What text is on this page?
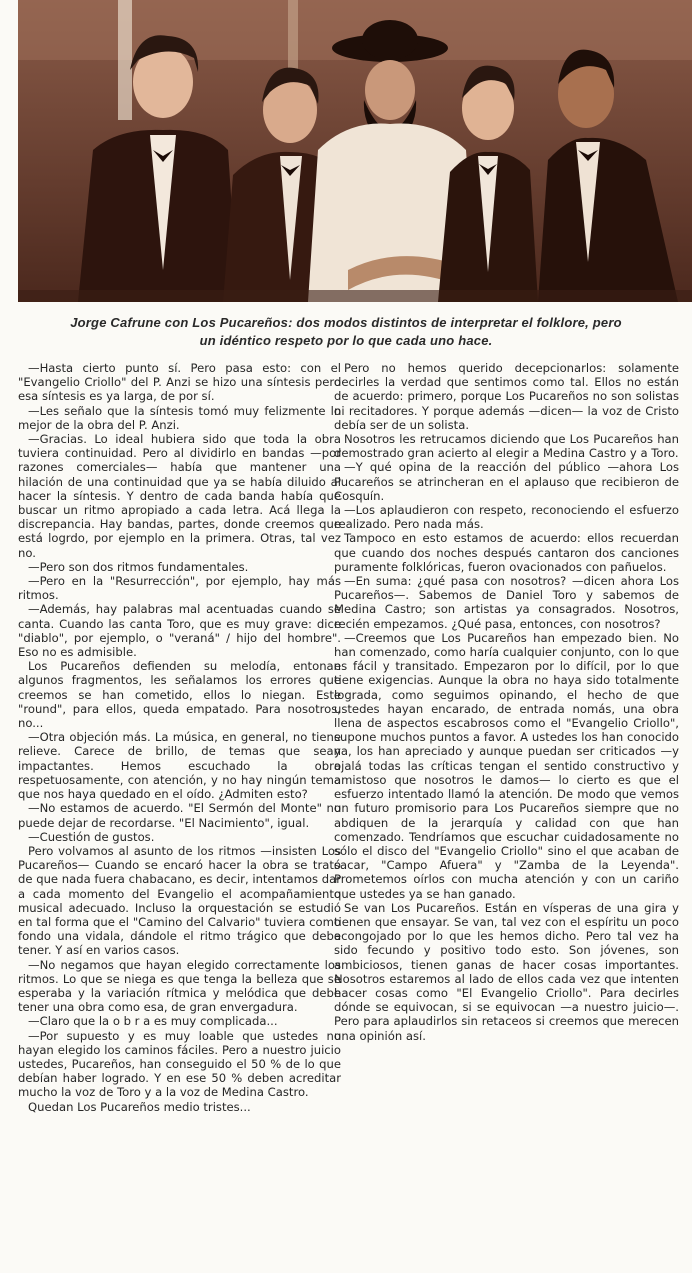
Jorge Cafrune con Los Pucareños: dos modos distintos de interpretar el folklore, pero
un idéntico respeto por lo que cada uno hace.

—Hasta cierto punto sí. Pero pasa esto: con el "Evangelio Criollo" del P. Anzi se hizo una síntesis pero esa síntesis es ya larga, de por sí.

—Les señalo que la síntesis tomó muy felizmente lo mejor de la obra del P. Anzi.

—Gracias. Lo ideal hubiera sido que toda la obra tuviera continuidad. Pero al dividirlo en bandas —por razones comerciales— había que mantener una hilación de una continuidad que ya se había diluido al hacer la síntesis. Y dentro de cada banda había que buscar un ritmo apropiado a cada letra. Acá llega la discrepancia. Hay bandas, partes, donde creemos que está logrdo, por ejemplo en la primera. Otras, tal vez no.

—Pero son dos ritmos fundamentales.

—Pero en la "Resurrección", por ejemplo, hay más ritmos.

—Además, hay palabras mal acentuadas cuando se canta. Cuando las canta Toro, que es muy grave: dice "diablo", por ejemplo, o "veraná" / hijo del hombre". Eso no es admisible.

Los Pucareños defienden su melodía, entonan algunos fragmentos, les señalamos los errores que creemos se han cometido, ellos lo niegan. Este "round", para ellos, queda empatado. Para nosotros, no...

—Otra objeción más. La música, en general, no tiene relieve. Carece de brillo, de temas que sean impactantes. Hemos escuchado la obra respetuosamente, con atención, y no hay ningún tema que nos haya quedado en el oído. ¿Admiten esto?

—No estamos de acuerdo. "El Sermón del Monte" no puede dejar de recordarse. "El Nacimiento", igual.

—Cuestión de gustos.

Pero volvamos al asunto de los ritmos —insisten Los Pucareños— Cuando se encaró hacer la obra se trató de que nada fuera chabacano, es decir, intentamos dar a cada momento del Evangelio el acompañamiento musical adecuado. Incluso la orquestación se estudió en tal forma que el "Camino del Calvario" tuviera como fondo una vidala, dándole el ritmo trágico que debe tener. Y así en varios casos.

—No negamos que hayan elegido correctamente los ritmos. Lo que se niega es que tenga la belleza que se esperaba y la variación rítmica y melódica que debe tener una obra como esa, de gran envergadura.

—Claro que la o b r a es muy complicada...

—Por supuesto y es muy loable que ustedes no hayan elegido los caminos fáciles. Pero a nuestro juicio ustedes, Pucareños, han conseguido el 50 % de lo que debían haber logrado. Y en ese 50 % deben acreditar mucho la voz de Toro y a la voz de Medina Castro.

Quedan Los Pucareños medio tristes...

Pero no hemos querido decepcionarlos: solamente decirles la verdad que sentimos como tal. Ellos no están de acuerdo: primero, porque Los Pucareños no son solistas ni recitadores. Y porque además —dicen— la voz de Cristo debía ser de un solista.

Nosotros les retrucamos diciendo que Los Pucareños han demostrado gran acierto al elegir a Medina Castro y a Toro.

—Y qué opina de la reacción del público —ahora Los Pucareños se atrincheran en el aplauso que recibieron de Cosquín.

—Los aplaudieron con respeto, reconociendo el esfuerzo realizado. Pero nada más.

Tampoco en esto estamos de acuerdo: ellos recuerdan que cuando dos noches después cantaron dos canciones puramente folklóricas, fueron ovacionados con pañuelos.

—En suma: ¿qué pasa con nosotros? —dicen ahora Los Pucareños—. Sabemos de Daniel Toro y sabemos de Medina Castro; son artistas ya consagrados. Nosotros, recién empezamos. ¿Qué pasa, entonces, con nosotros?

—Creemos que Los Pucareños han empezado bien. No han comenzado, como haría cualquier conjunto, con lo que es fácil y transitado. Empezaron por lo difícil, por lo que tiene exigencias. Aunque la obra no haya sido totalmente lograda, como seguimos opinando, el hecho de que ustedes hayan encarado, de entrada nomás, una obra llena de aspectos escabrosos como el "Evangelio Criollo", supone muchos puntos a favor. A ustedes los han conocido ya, los han apreciado y aunque puedan ser criticados —y ojalá todas las críticas tengan el sentido constructivo y amistoso que nosotros le damos— lo cierto es que el esfuerzo intentado llamó la atención. De modo que vemos un futuro promisorio para Los Pucareños siempre que no abdiquen de la jerarquía y calidad con que han comenzado. Tendríamos que escuchar cuidadosamente no sólo el disco del "Evangelio Criollo" sino el que acaban de sacar, "Campo Afuera" y "Zamba de la Leyenda". Prometemos oírlos con mucha atención y con un cariño que ustedes ya se han ganado.

Se van Los Pucareños. Están en vísperas de una gira y tienen que ensayar. Se van, tal vez con el espíritu un poco acongojado por lo que les hemos dicho. Pero tal vez ha sido fecundo y positivo todo esto. Son jóvenes, son ambiciosos, tienen ganas de hacer cosas importantes. Nosotros estaremos al lado de ellos cada vez que intenten hacer cosas como "El Evangelio Criollo". Para decirles dónde se equivocan, si se equivocan —a nuestro juicio—. Pero para aplaudirlos sin retaceos si creemos que merecen una opinión así.
